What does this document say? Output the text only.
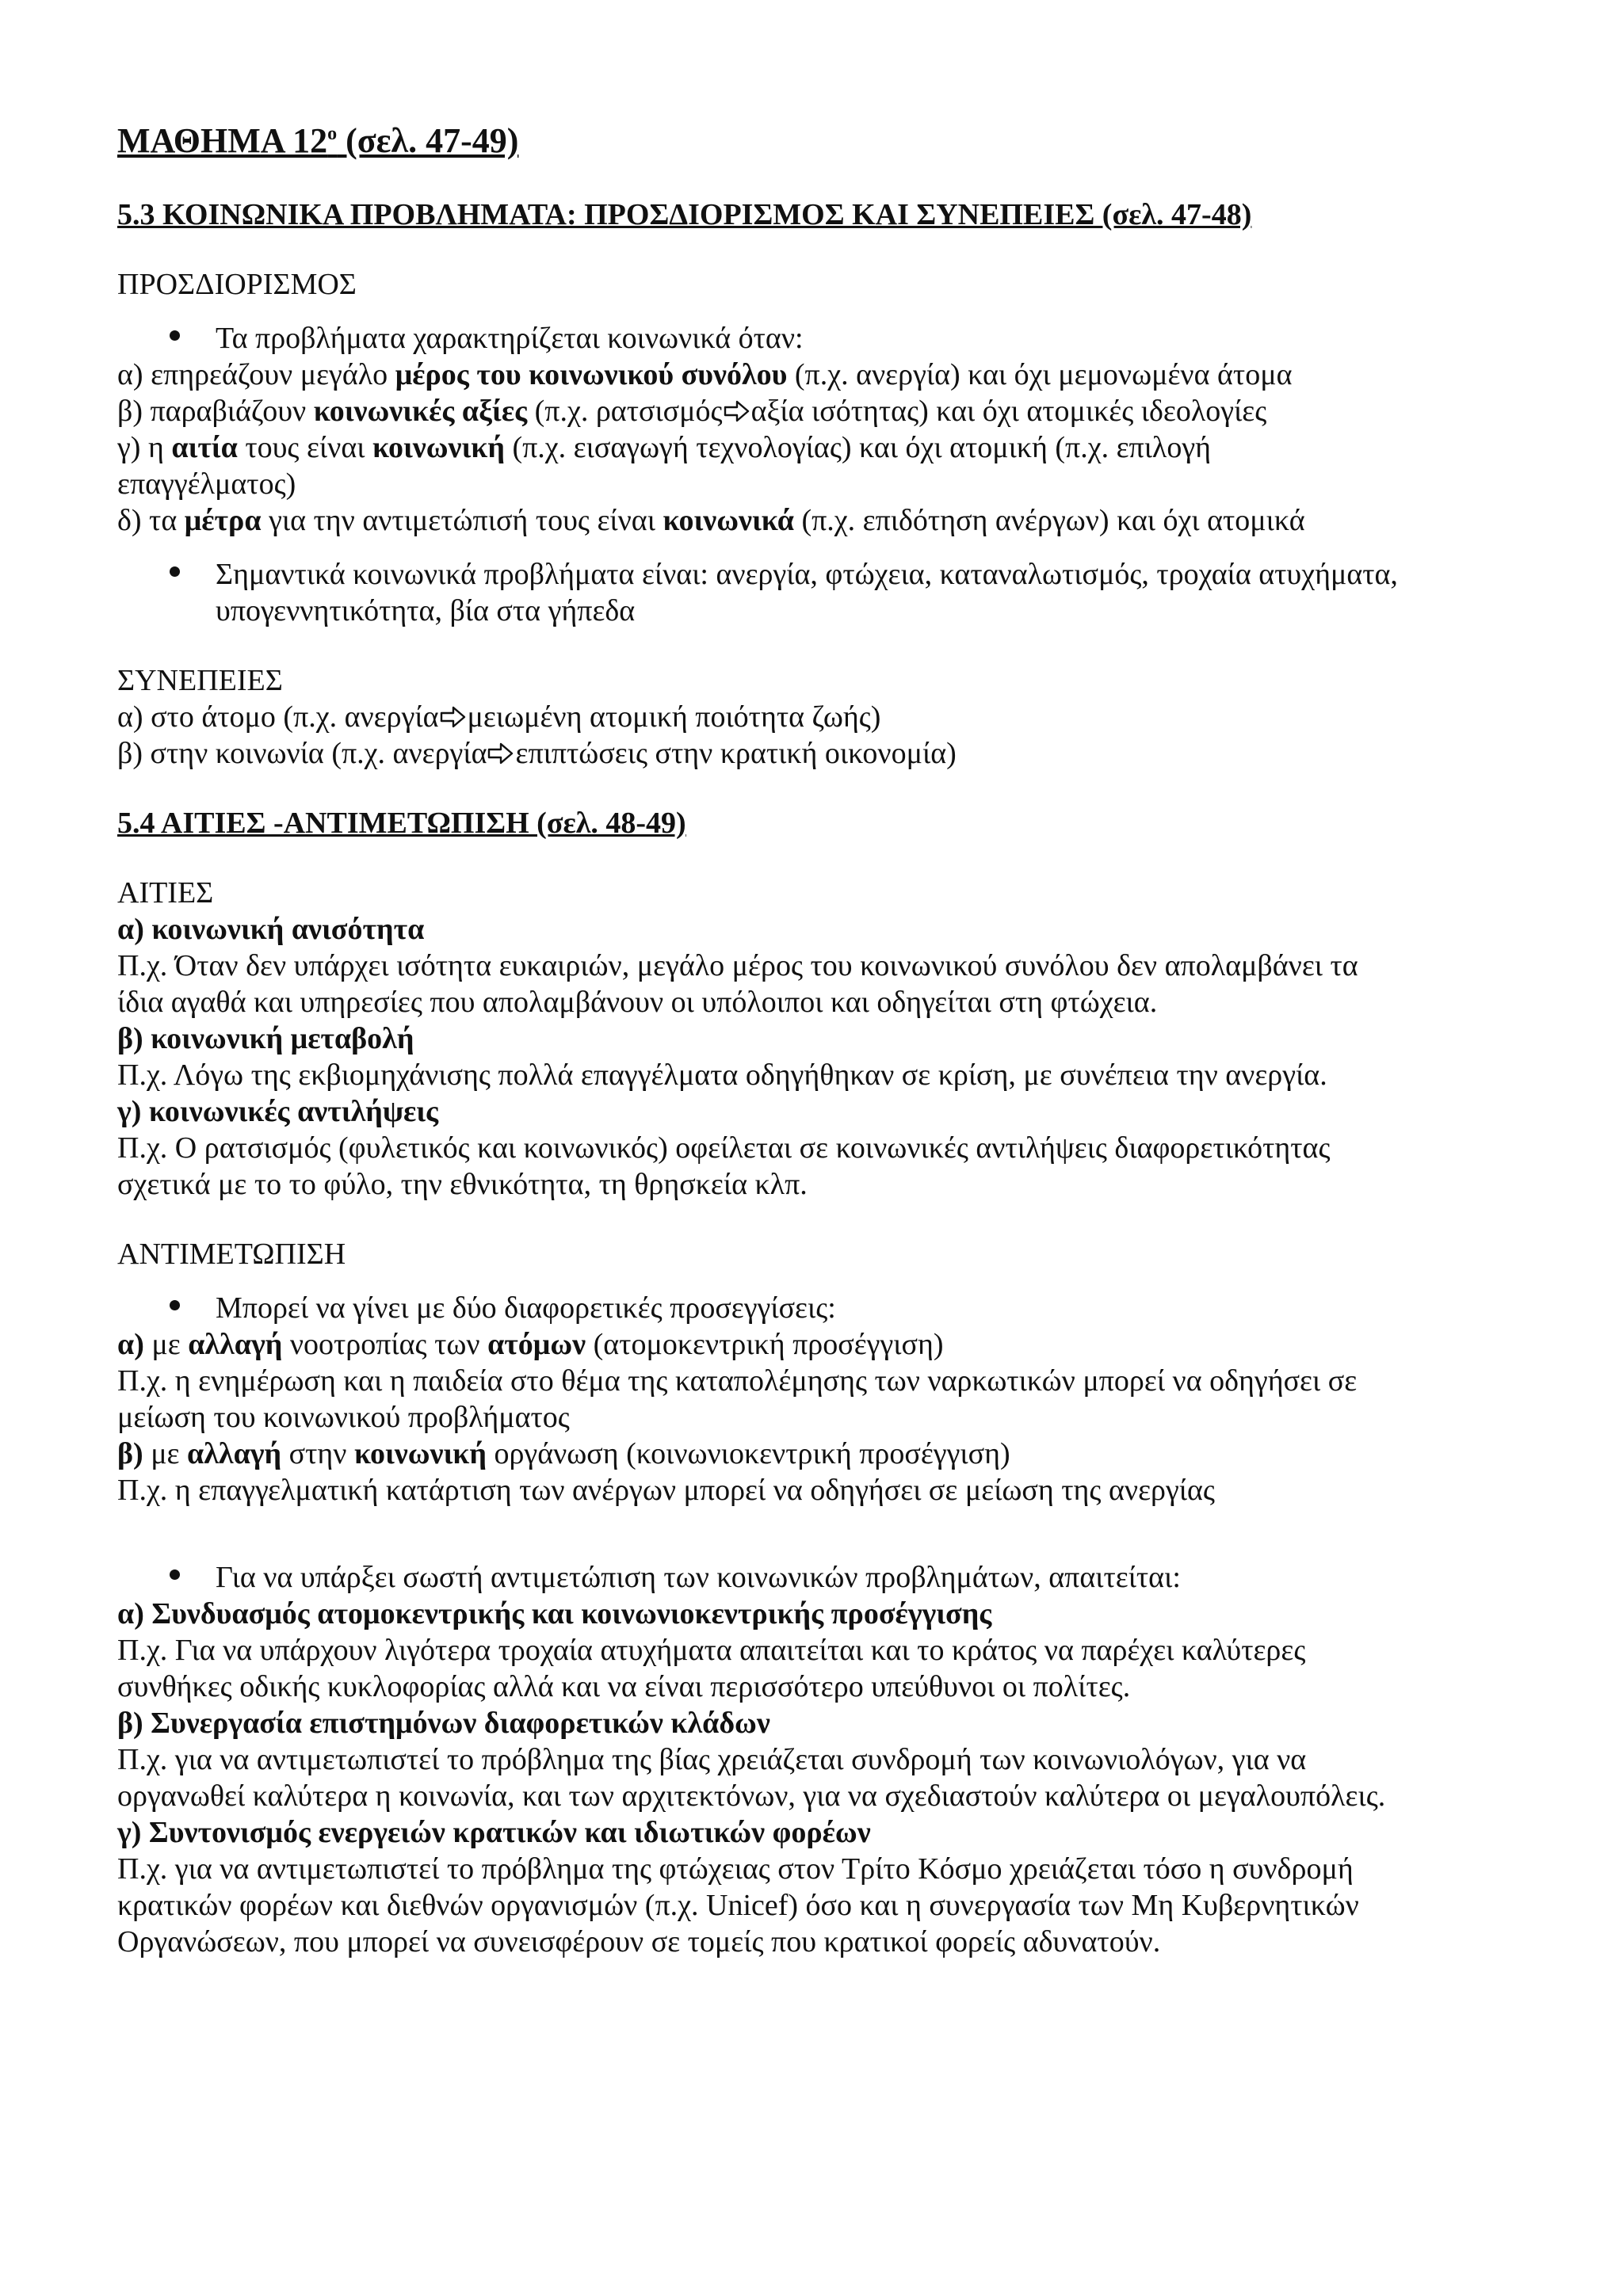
ΜΑΘΗΜΑ $12^o$ (σελ. 47-49)
5.3 ΚΟΙΝΩΝΙΚΑ ΠΡΟΒΛΗΜΑΤΑ: ΠΡΟΣΔΙΟΡΙΣΜΟΣ ΚΑΙ ΣΥΝΕΠΕΙΕΣ (σελ. 47-48)
ΠΡΟΣΔΙΟΡΙΣΜΟΣ
Τα προβλήματα χαρακτηρίζεται κοινωνικά όταν:
α) επηρεάζουν μεγάλο μέρος του κοινωνικού συνόλου (π.χ. ανεργία) και όχι μεμονωμένα άτομα
β) παραβιάζουν κοινωνικές αξίες (π.χ. ρατσισμός αξία ισότητας) και όχι ατομικές ιδεολογίες
γ) η αιτία τους είναι κοινωνική (π.χ. εισαγωγή τεχνολογίας) και όχι ατομική (π.χ. επιλογή
επαγγέλματος)
δ) τα μέτρα για την αντιμετώπισή τους είναι κοινωνικά (π.χ. επιδότηση ανέργων) και όχι ατομικά
Σημαντικά κοινωνικά προβλήματα είναι: ανεργία, φτώχεια, καταναλωτισμός, τροχαία ατυχήματα,
υπογεννητικότητα, βία στα γήπεδα
ΣΥΝΕΠΕΙΕΣ
α) στο άτομο (π.χ. ανεργία μειωμένη ατομική ποιότητα ζωής)
β) στην κοινωνία (π.χ. ανεργία επιπτώσεις στην κρατική οικονομία)
5.4 ΑΙΤΙΕΣ -ΑΝΤΙΜΕΤΩΠΙΣΗ (σελ. 48-49)
ΑΙΤΙΕΣ
α) κοινωνική ανισότητα
Π.χ. Όταν δεν υπάρχει ισότητα ευκαιριών, μεγάλο μέρος του κοινωνικού συνόλου δεν απολαμβάνει τα
ίδια αγαθά και υπηρεσίες που απολαμβάνουν οι υπόλοιποι και οδηγείται στη φτώχεια.
β) κοινωνική μεταβολή
Π.χ. Λόγω της εκβιομηχάνισης πολλά επαγγέλματα οδηγήθηκαν σε κρίση, με συνέπεια την ανεργία.
γ) κοινωνικές αντιλήψεις
Π.χ. Ο ρατσισμός (φυλετικός και κοινωνικός) οφείλεται σε κοινωνικές αντιλήψεις διαφορετικότητας
σχετικά με το το φύλο, την εθνικότητα, τη θρησκεία κλπ.
ΑΝΤΙΜΕΤΩΠΙΣΗ
Μπορεί να γίνει με δύο διαφορετικές προσεγγίσεις:
α) με αλλαγή νοοτροπίας των ατόμων (ατομοκεντρική προσέγγιση)
Π.χ. η ενημέρωση και η παιδεία στο θέμα της καταπολέμησης των ναρκωτικών μπορεί να οδηγήσει σε
μείωση του κοινωνικού προβλήματος
β) με αλλαγή στην κοινωνική οργάνωση (κοινωνιοκεντρική προσέγγιση)
Π.χ. η επαγγελματική κατάρτιση των ανέργων μπορεί να οδηγήσει σε μείωση της ανεργίας
Για να υπάρξει σωστή αντιμετώπιση των κοινωνικών προβλημάτων, απαιτείται:
α) Συνδυασμός ατομοκεντρικής και κοινωνιοκεντρικής προσέγγισης
Π.χ. Για να υπάρχουν λιγότερα τροχαία ατυχήματα απαιτείται και το κράτος να παρέχει καλύτερες
συνθήκες οδικής κυκλοφορίας αλλά και να είναι περισσότερο υπεύθυνοι οι πολίτες.
β) Συνεργασία επιστημόνων διαφορετικών κλάδων
Π.χ. για να αντιμετωπιστεί το πρόβλημα της βίας χρειάζεται συνδρομή των κοινωνιολόγων, για να
οργανωθεί καλύτερα η κοινωνία, και των αρχιτεκτόνων, για να σχεδιαστούν καλύτερα οι μεγαλουπόλεις.
γ) Συντονισμός ενεργειών κρατικών και ιδιωτικών φορέων
Π.χ. για να αντιμετωπιστεί το πρόβλημα της φτώχειας στον Τρίτο Κόσμο χρειάζεται τόσο η συνδρομή
κρατικών φορέων και διεθνών οργανισμών (π.χ. Unicef) όσο και η συνεργασία των Μη Κυβερνητικών
Οργανώσεων, που μπορεί να συνεισφέρουν σε τομείς που κρατικοί φορείς αδυνατούν.
